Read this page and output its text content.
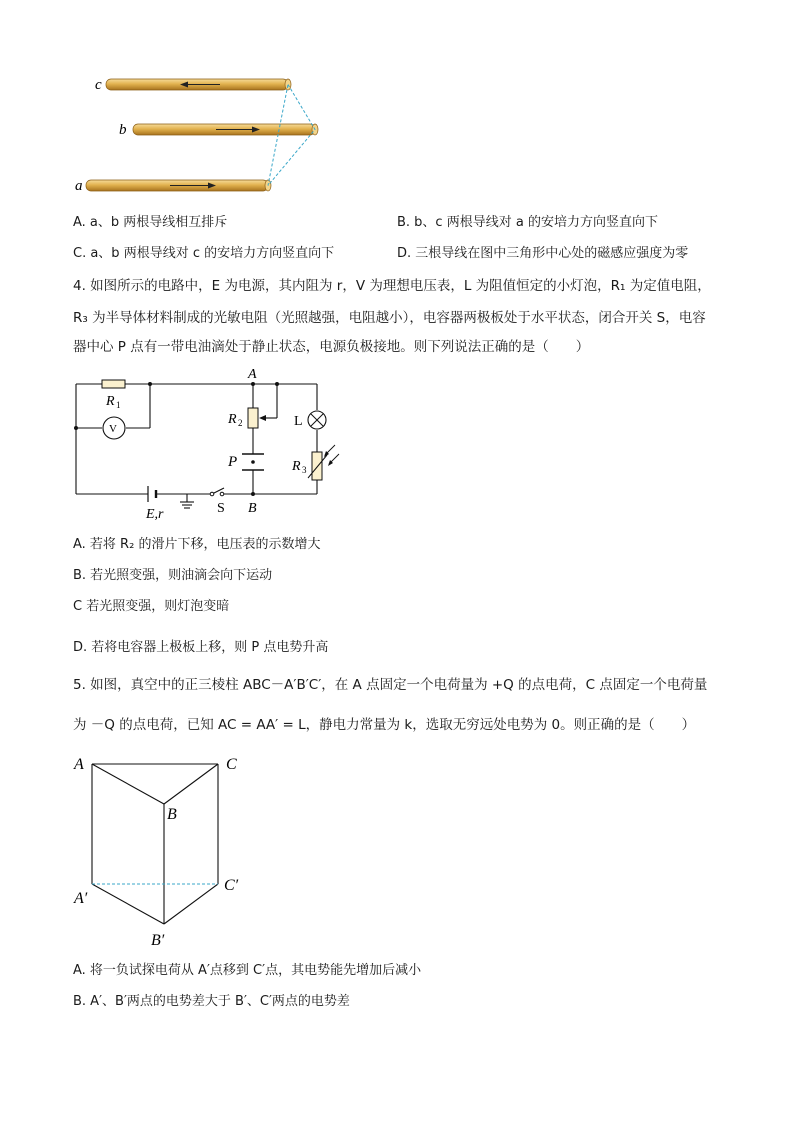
c
b
a
A. a、b 两根导线相互排斥	B. b、c 两根导线对 a 的安培力方向竖直向下
C. a、b 两根导线对 c 的安培力方向竖直向下	D. 三根导线在图中三角形中心处的磁感应强度为零
4. 如图所示的电路中，E 为电源，其内阻为 r，V 为理想电压表，L 为阻值恒定的小灯泡，R₁ 为定值电阻，
R₃ 为半导体材料制成的光敏电阻（光照越强，电阻越小），电容器两极板处于水平状态，闭合开关 S，电容
器中心 P 点有一带电油滴处于静止状态，电源负极接地。则下列说法正确的是（　　）
A
B
R 1
V
R 2
P
L
R 3
E,r	S
A. 若将 R₂ 的滑片下移，电压表的示数增大
B. 若光照变强，则油滴会向下运动
C 若光照变强，则灯泡变暗
D. 若将电容器上极板上移，则 P 点电势升高
5. 如图，真空中的正三棱柱 ABC－A′B′C′，在 A 点固定一个电荷量为 +Q 的点电荷，C 点固定一个电荷量
为 －Q 的点电荷，已知 AC = AA′ = L，静电力常量为 k，选取无穷远处电势为 0。则正确的是（　　）
A	C
B
A′
C′
B′
A. 将一负试探电荷从 A′点移到 C′点，其电势能先增加后减小
B. A′、B′两点的电势差大于 B′、C′两点的电势差
